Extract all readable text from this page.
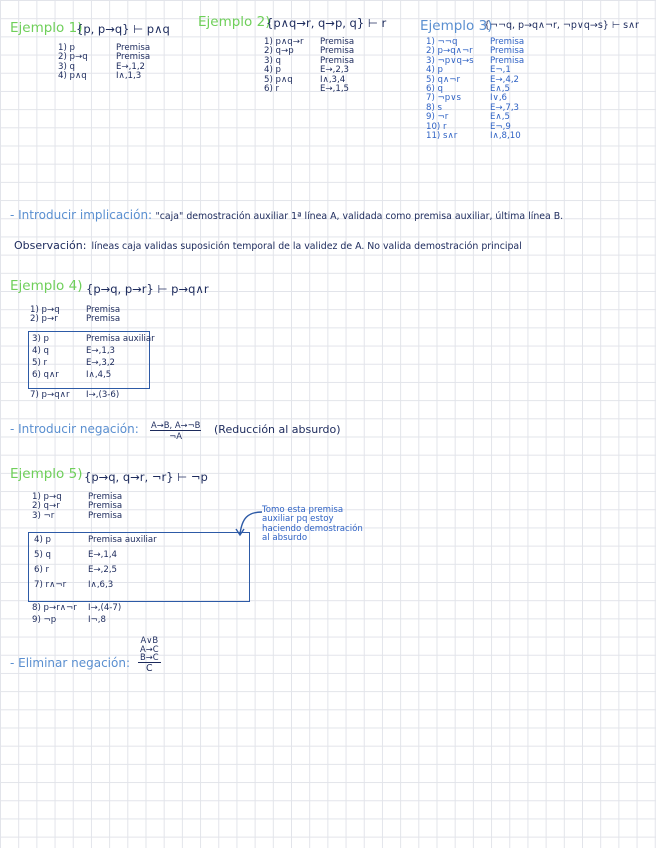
Ejemplo 1)
{p, p→q} ⊢ p∧q
1) p
2) p→q
3) q
4) p∧q
Premisa
Premisa
E→,1,2
I∧,1,3
Ejemplo 2)
{p∧q→r, q→p, q} ⊢ r
1) p∧q→r
2) q→p
3) q
4) p
5) p∧q
6) r
Premisa
Premisa
Premisa
E→,2,3
I∧,3,4
E→,1,5
Ejemplo 3)
{¬¬q, p→q∧¬r, ¬p∨q→s} ⊢ s∧r
1) ¬¬q
2) p→q∧¬r
3) ¬p∨q→s
4) p
5) q∧¬r
6) q
7) ¬p∨s
8) s
9) ¬r
10) r
11) s∧r
Premisa
Premisa
Premisa
E¬,1
E→,4,2
E∧,5
I∨,6
E→,7,3
E∧,5
E¬,9
I∧,8,10
- Introducir implicación: "caja" demostración auxiliar 1ª línea A, validada como premisa auxiliar, última línea B.
Observación: líneas caja validas suposición temporal de la validez de A. No valida demostración principal
Ejemplo 4) {p→q, p→r} ⊢ p→q∧r
1) p→q
2) p→r
Premisa
Premisa
3) p
4) q
5) r
6) q∧r
Premisa auxiliar
E→,1,3
E→,3,2
I∧,4,5
7) p→q∧r I→,(3-6)
- Introducir negación: $\frac{A\to B, A\to\neg B}{\neg A}$ (Reducción al absurdo)
Ejemplo 5) {p→q, q→r, ¬r} ⊢ ¬p
1) p→q
2) q→r
3) ¬r
Premisa
Premisa
Premisa
4) p
5) q
6) r
7) r∧¬r
Premisa auxiliar
E→,1,4
E→,2,5
I∧,6,3
8) p→r∧¬r
9) ¬p
I→,(4-7)
I¬,8
Tomo esta premisa
auxiliar pq estoy
haciendo demostración
al absurdo
- Eliminar negación:
A∨B
A→C
B→C
C
